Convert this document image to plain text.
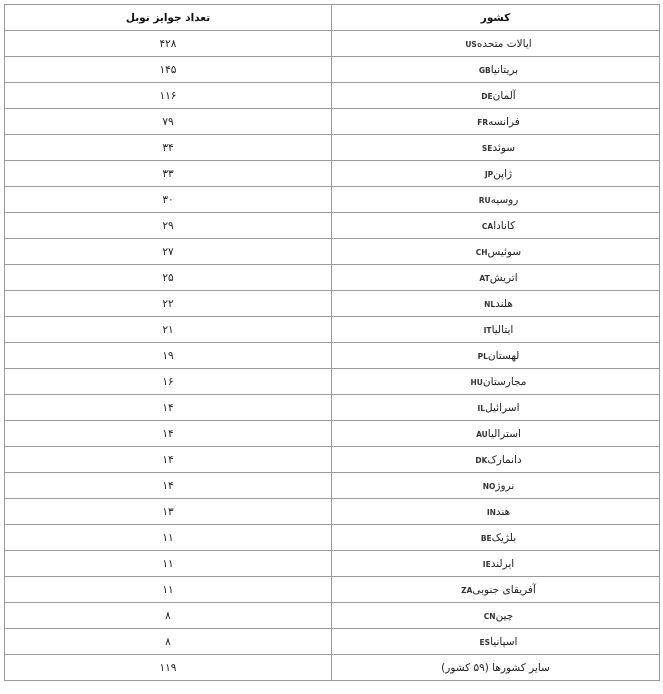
تعداد جوایز نوبل	کشور
۴۲۸	ایالات متحدهUS
۱۴۵	بریتانیاGB
۱۱۶	آلمانDE
۷۹	فرانسهFR
۳۴	سوئدSE
۳۳	ژاپنJP
۳۰	روسیهRU
۲۹	کاناداCA
۲۷	سوئیسCH
۲۵	اتریشAT
۲۲	هلندNL
۲۱	ایتالیاIT
۱۹	لهستانPL
۱۶	مجارستانHU
۱۴	اسرائیلIL
۱۴	استرالیاAU
۱۴	دانمارکDK
۱۴	نروژNO
۱۳	هندIN
۱۱	بلژیکBE
۱۱	ایرلندIE
۱۱	آفریقای جنوبیZA
۸	چینCN
۸	اسپانیاES
۱۱۹	سایر کشورها (۵۹ کشور)
